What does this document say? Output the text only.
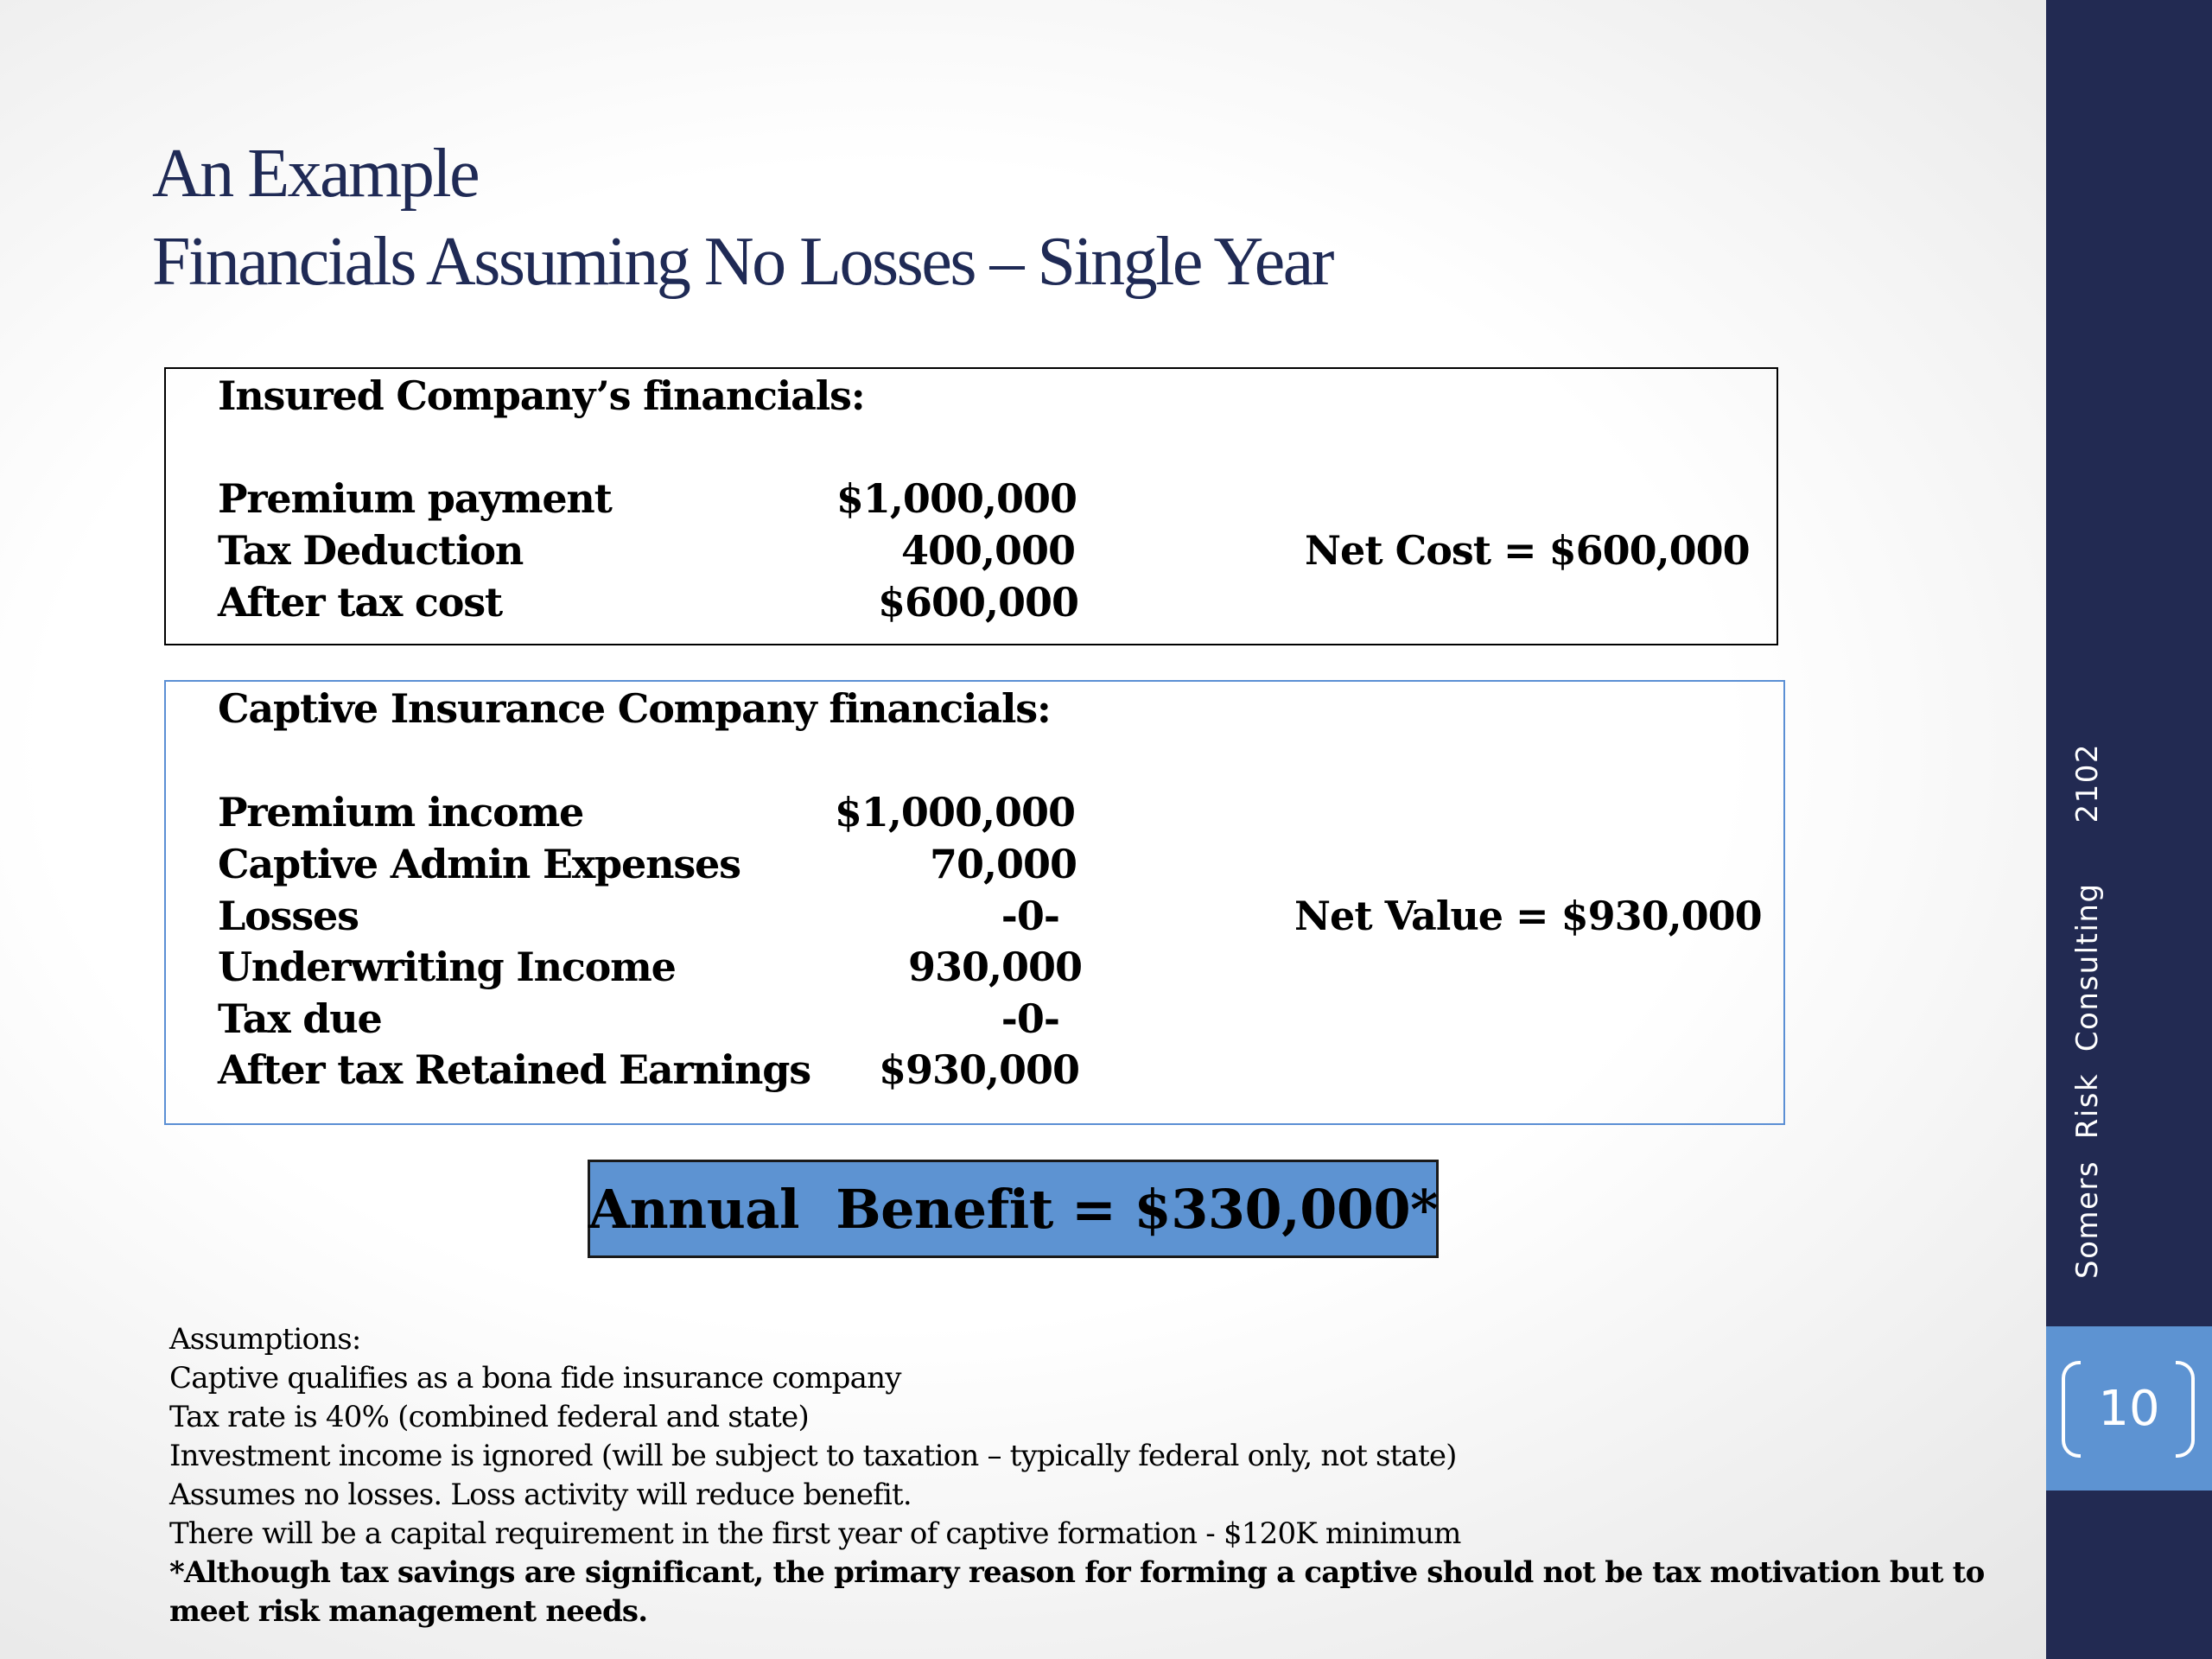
An Example
Financials Assuming No Losses – Single Year
Insured Company’s financials:
Premium payment	$1,000,000
Tax Deduction	400,000
After tax cost	$600,000
Net Cost = $600,000
Captive Insurance Company financials:
Premium income	$1,000,000
Captive Admin Expenses	70,000
Losses	-0-
Underwriting Income	930,000
Tax due	-0-
After tax Retained Earnings	$930,000
Net Value = $930,000
Annual  Benefit = $330,000*
Assumptions:
Captive qualifies as a bona fide insurance company
Tax rate is 40% (combined federal and state)
Investment income is ignored (will be subject to taxation – typically federal only, not state)
Assumes no losses. Loss activity will reduce benefit.
There will be a capital requirement in the first year of captive formation - $120K minimum
*Although tax savings are significant, the primary reason for forming a captive should not be tax motivation but to meet risk management needs.
10
Somers  Risk  Consulting
2102
